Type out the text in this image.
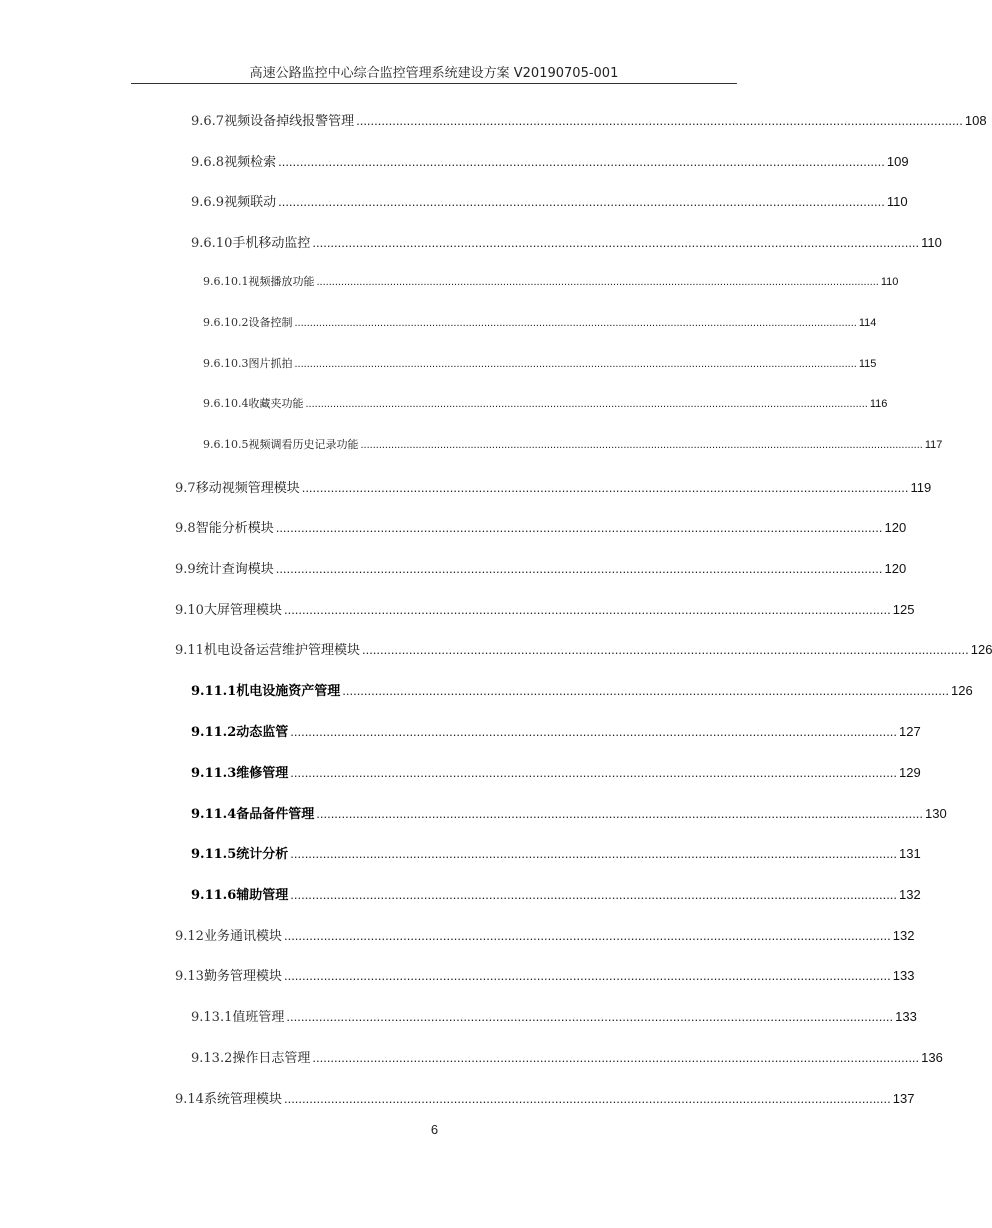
高速公路监控中心综合监控管理系统建设方案 V20190705-001
9.6.7 视频设备掉线报警管理 ........................................................................................................................................................................ 108
9.6.8 视频检索 ........................................................................................................................................................................ 109
9.6.9 视频联动 ........................................................................................................................................................................ 110
9.6.10 手机移动监控 ........................................................................................................................................................................ 110
9.6.10.1 视频播放功能 ........................................................................................................................................................................................ 110
9.6.10.2 设备控制 ........................................................................................................................................................................................ 114
9.6.10.3 图片抓拍 ........................................................................................................................................................................................ 115
9.6.10.4 收藏夹功能 ........................................................................................................................................................................................ 116
9.6.10.5 视频调看历史记录功能 ........................................................................................................................................................................................ 117
9.7 移动视频管理模块 ........................................................................................................................................................................ 119
9.8 智能分析模块 ........................................................................................................................................................................ 120
9.9 统计查询模块 ........................................................................................................................................................................ 120
9.10 大屏管理模块 ........................................................................................................................................................................ 125
9.11 机电设备运营维护管理模块 ........................................................................................................................................................................ 126
9.11.1 机电设施资产管理 ........................................................................................................................................................................ 126
9.11.2 动态监管 ........................................................................................................................................................................ 127
9.11.3 维修管理 ........................................................................................................................................................................ 129
9.11.4 备品备件管理 ........................................................................................................................................................................ 130
9.11.5 统计分析 ........................................................................................................................................................................ 131
9.11.6 辅助管理 ........................................................................................................................................................................ 132
9.12 业务通讯模块 ........................................................................................................................................................................ 132
9.13 勤务管理模块 ........................................................................................................................................................................ 133
9.13.1 值班管理 ........................................................................................................................................................................ 133
9.13.2 操作日志管理 ........................................................................................................................................................................ 136
9.14 系统管理模块 ........................................................................................................................................................................ 137
6
